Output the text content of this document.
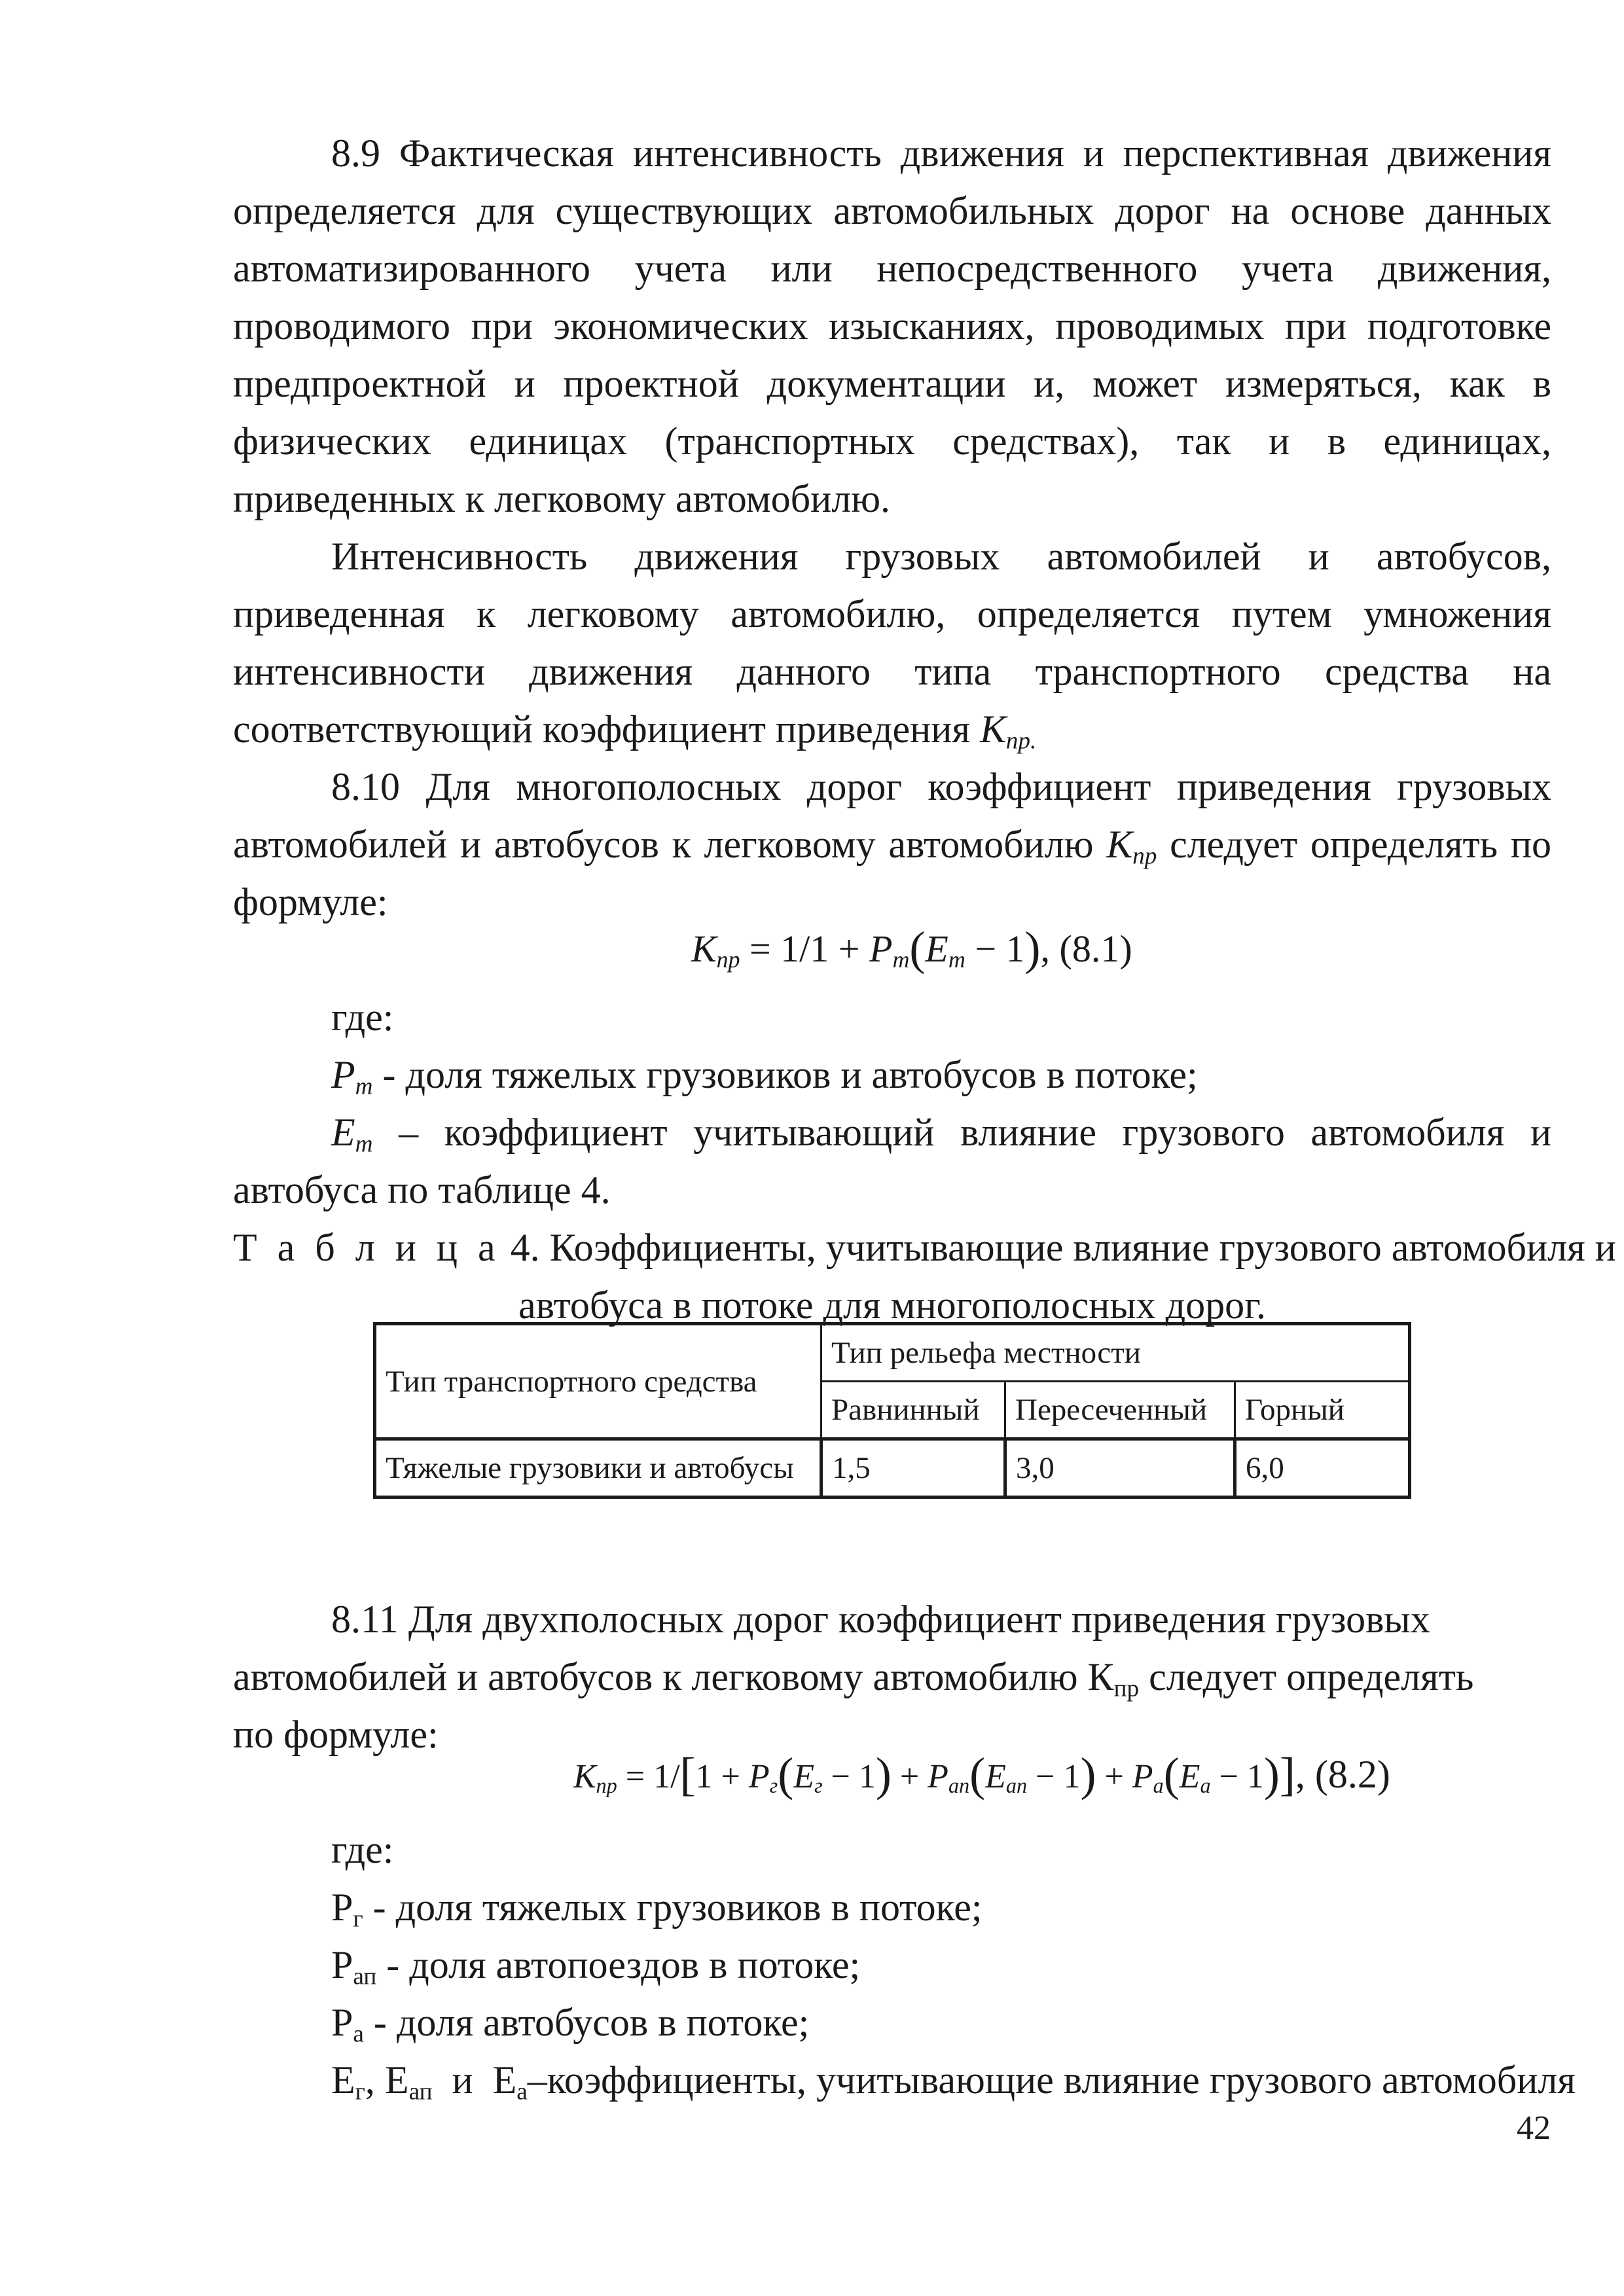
8.9 Фактическая интенсивность движения и перспективная движения определяется для существующих автомобильных дорог на основе данных автоматизированного учета или непосредственного учета движения, проводимого при экономических изысканиях, проводимых при подготовке предпроектной и проектной документации и, может измеряться, как в физических единицах (транспортных средствах), так и в единицах, приведенных к легковому автомобилю.

Интенсивность движения грузовых автомобилей и автобусов, приведенная к легковому автомобилю, определяется путем умножения интенсивности движения данного типа транспортного средства на соответствующий коэффициент приведения $К_{пр.}$

8.10 Для многополосных дорог коэффициент приведения грузовых автомобилей и автобусов к легковому автомобилю $К_{пр}$ следует определять по формуле:

$К_{пр} = 1/1 + P_т(E_т - 1)$, (8.1)

где:

$Р_т$ - доля тяжелых грузовиков и автобусов в потоке;

$Е_т$ – коэффициент учитывающий влияние грузового автомобиля и автобуса по таблице 4.

Т а б л и ц а 4. Коэффициенты, учитывающие влияние грузового автомобиля и
автобуса в потоке для многополосных дорог.
Тип транспортного средства	Тип рельефа местности		
	Равнинный	Пересеченный	Горный
Тяжелые грузовики и автобусы	1,5	3,0	6,0

8.11 Для двухполосных дорог коэффициент приведения грузовых автомобилей и автобусов к легковому автомобилю $К_{пр}$ следует определять по формуле:

$К_{пр} = 1/[1 + P_г(E_г - 1) + P_{ап}(E_{ап} - 1) + P_а(E_а - 1)]$, (8.2)

где:

$Р_г$ - доля тяжелых грузовиков в потоке;

$Р_{ап}$ - доля автопоездов в потоке;

$Р_а$ - доля автобусов в потоке;

$Е_г$, $Е_{ап}$  и  $Е_а$–коэффициенты, учитывающие влияние грузового автомобиля

42
